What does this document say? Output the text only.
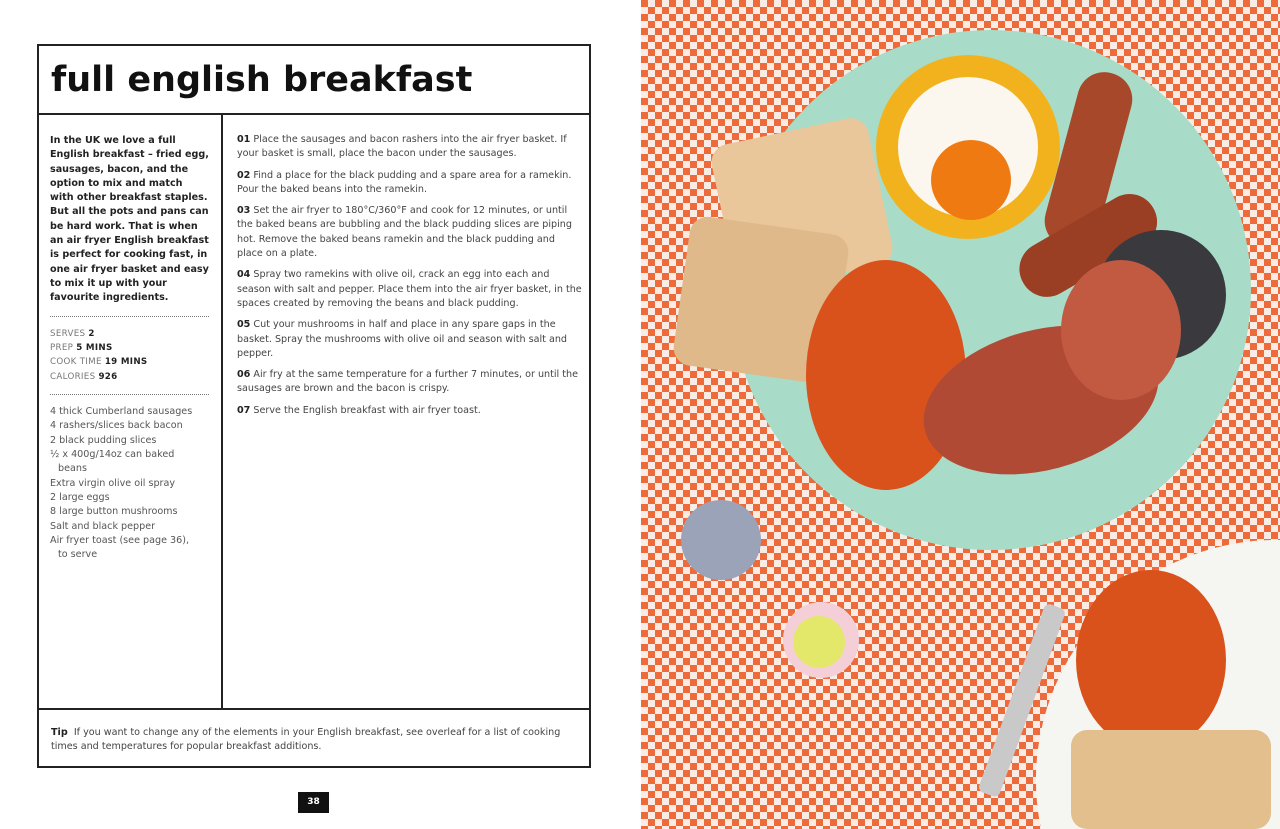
full english breakfast

In the UK we love a full English breakfast – fried egg, sausages, bacon, and the option to mix and match with other breakfast staples. But all the pots and pans can be hard work. That is when an air fryer English breakfast is perfect for cooking fast, in one air fryer basket and easy to mix it up with your favourite ingredients.

SERVES 2
PREP 5 MINS
COOK TIME 19 MINS
CALORIES 926
4 thick Cumberland sausages
4 rashers/slices back bacon
2 black pudding slices
½ x 400g/14oz can baked
beans
Extra virgin olive oil spray
2 large eggs
8 large button mushrooms
Salt and black pepper
Air fryer toast (see page 36),
to serve

01 Place the sausages and bacon rashers into the air fryer basket. If your basket is small, place the bacon under the sausages.

02 Find a place for the black pudding and a spare area for a ramekin. Pour the baked beans into the ramekin.

03 Set the air fryer to 180°C/360°F and cook for 12 minutes, or until the baked beans are bubbling and the black pudding slices are piping hot. Remove the baked beans ramekin and the black pudding and place on a plate.

04 Spray two ramekins with olive oil, crack an egg into each and season with salt and pepper. Place them into the air fryer basket, in the spaces created by removing the beans and black pudding.

05 Cut your mushrooms in half and place in any spare gaps in the basket. Spray the mushrooms with olive oil and season with salt and pepper.

06 Air fry at the same temperature for a further 7 minutes, or until the sausages are brown and the bacon is crispy.

07 Serve the English breakfast with air fryer toast.

Tip If you want to change any of the elements in your English breakfast, see overleaf for a list of cooking times and temperatures for popular breakfast additions.
38
